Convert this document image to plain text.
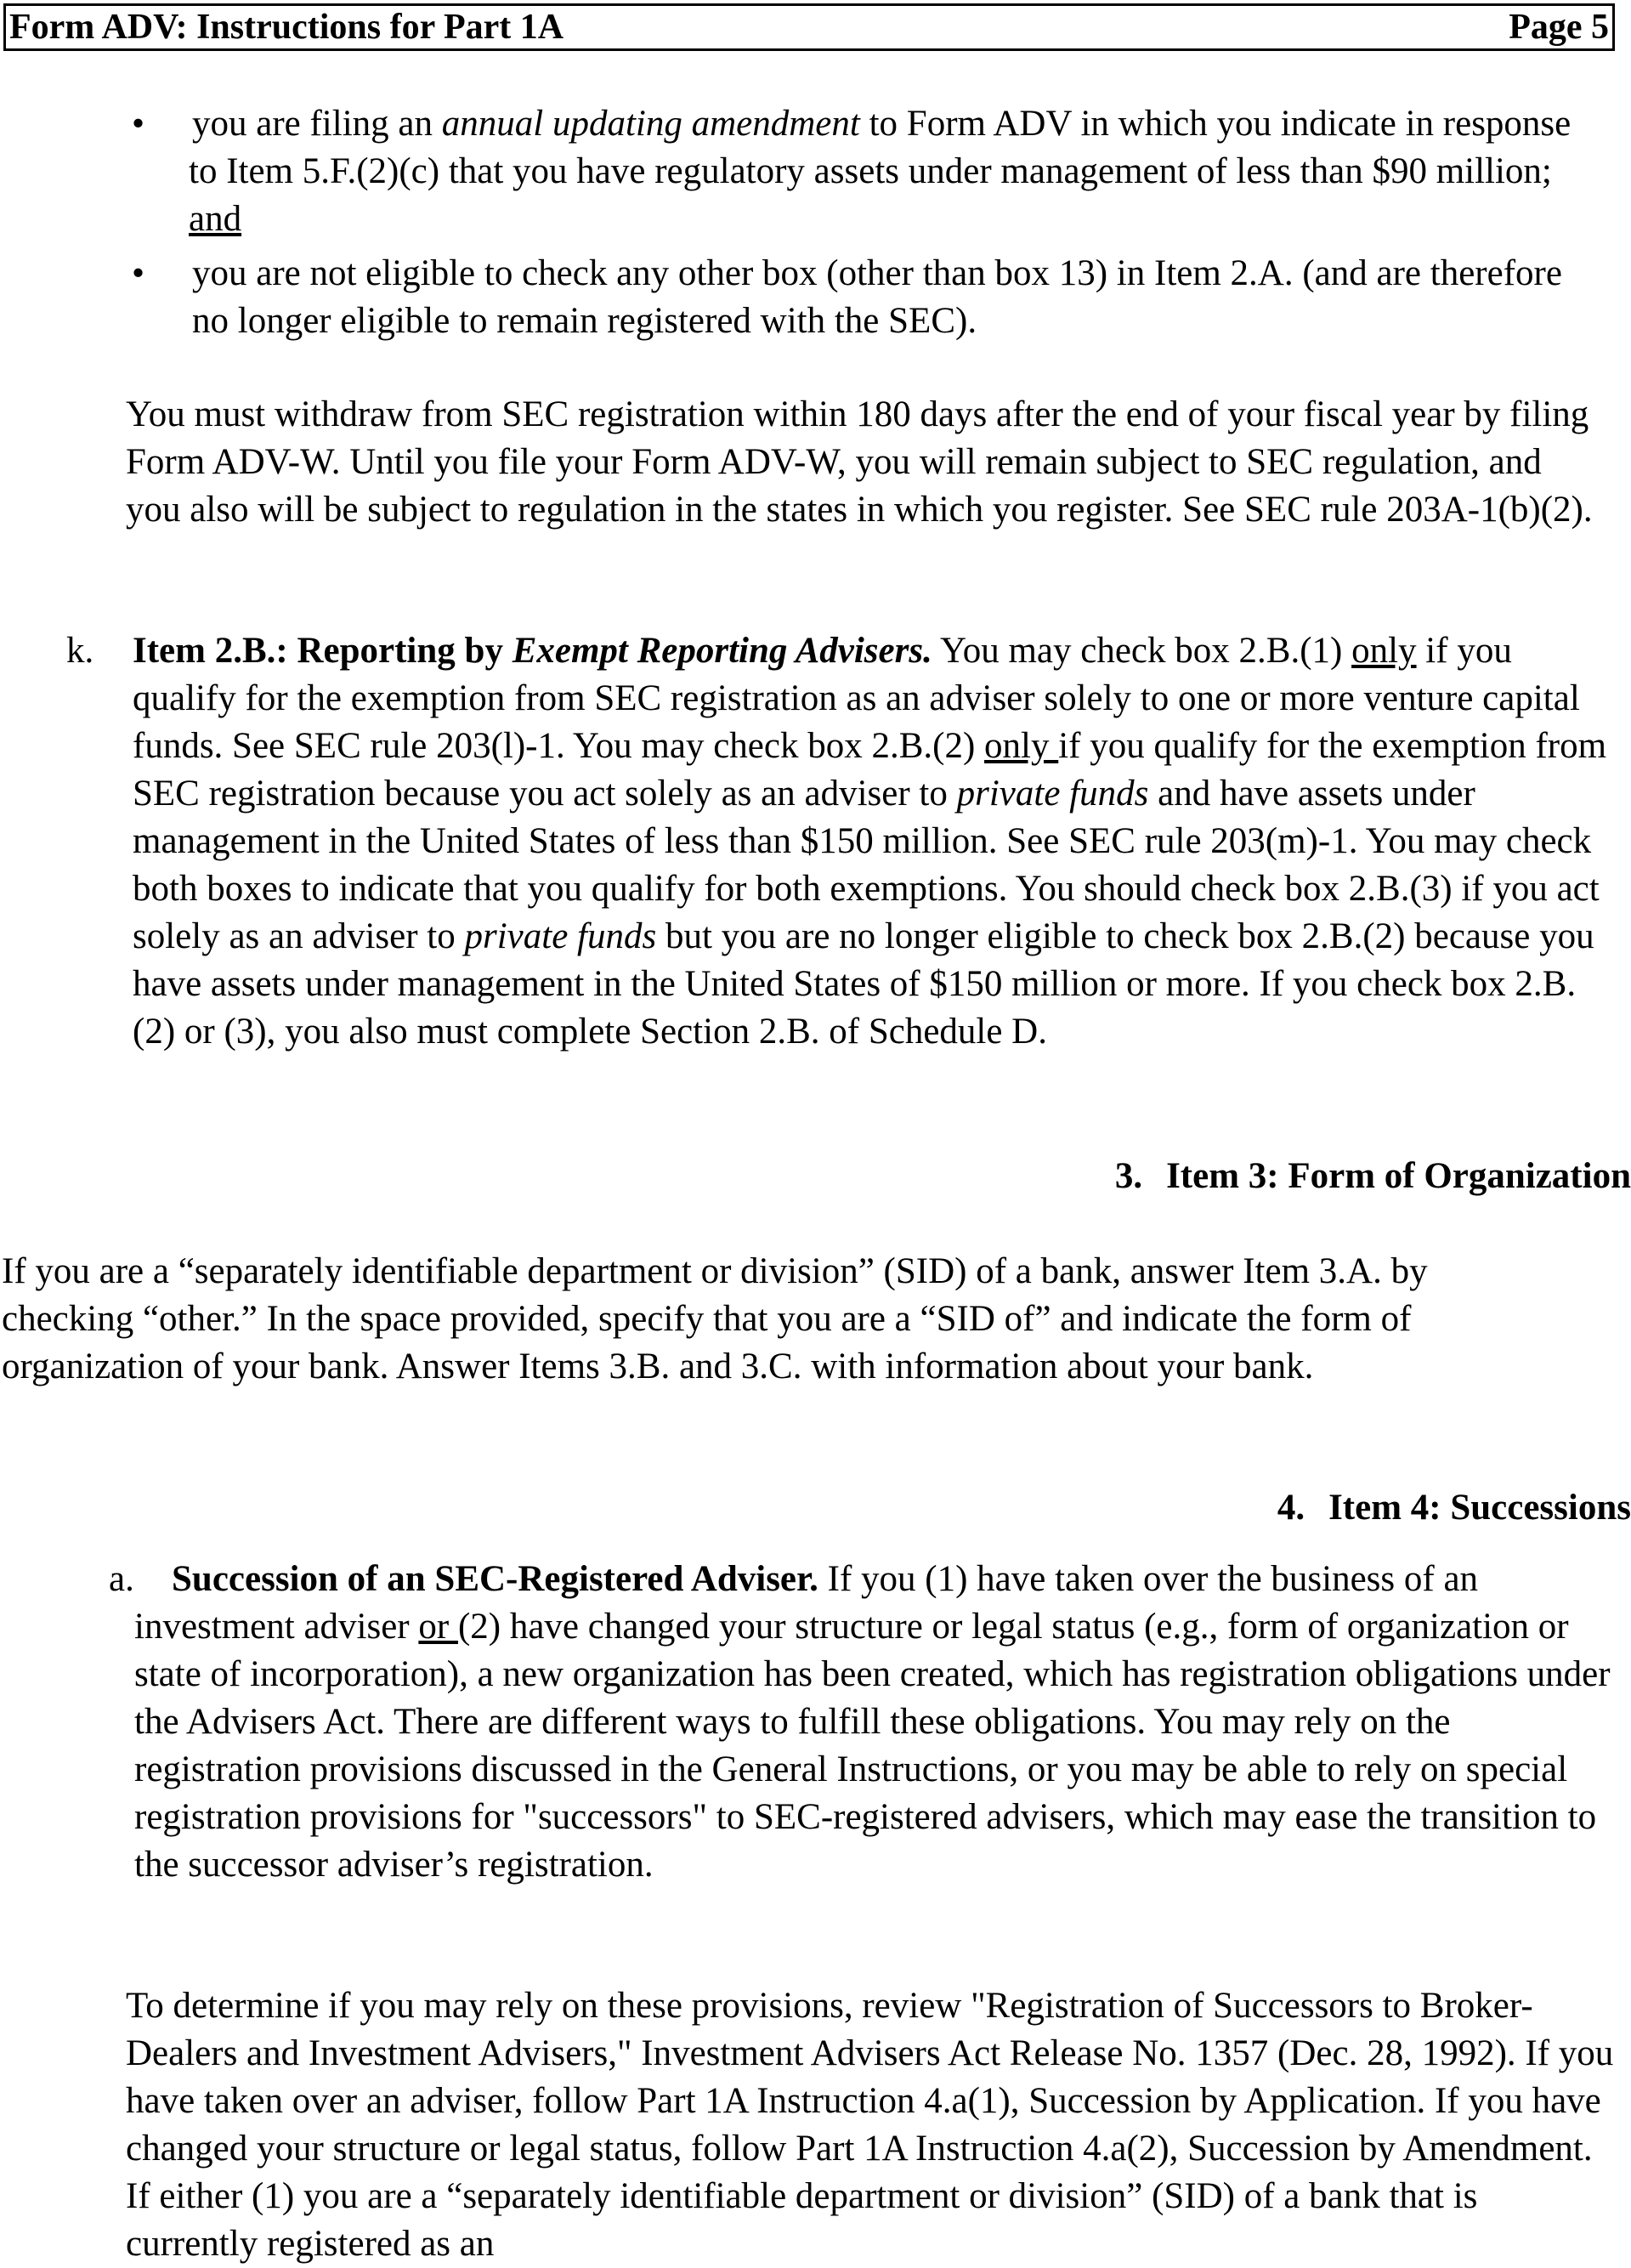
Form ADV: Instructions for Part 1A	Page 5
• you are filing an annual updating amendment to Form ADV in which you indicate in response to Item 5.F.(2)(c) that you have regulatory assets under management of less than $90 million; and
• you are not eligible to check any other box (other than box 13) in Item 2.A. (and are therefore no longer eligible to remain registered with the SEC).
You must withdraw from SEC registration within 180 days after the end of your fiscal year by filing Form ADV-W. Until you file your Form ADV-W, you will remain subject to SEC regulation, and you also will be subject to regulation in the states in which you register. See SEC rule 203A-1(b)(2).
k. Item 2.B.: Reporting by Exempt Reporting Advisers. You may check box 2.B.(1) only if you qualify for the exemption from SEC registration as an adviser solely to one or more venture capital funds. See SEC rule 203(l)-1. You may check box 2.B.(2) only if you qualify for the exemption from SEC registration because you act solely as an adviser to private funds and have assets under management in the United States of less than $150 million. See SEC rule 203(m)-1. You may check both boxes to indicate that you qualify for both exemptions. You should check box 2.B.(3) if you act solely as an adviser to private funds but you are no longer eligible to check box 2.B.(2) because you have assets under management in the United States of $150 million or more. If you check box 2.B.(2) or (3), you also must complete Section 2.B. of Schedule D.
3. Item 3: Form of Organization
If you are a “separately identifiable department or division” (SID) of a bank, answer Item 3.A. by checking “other.” In the space provided, specify that you are a “SID of” and indicate the form of organization of your bank. Answer Items 3.B. and 3.C. with information about your bank.
4. Item 4: Successions
a.	Succession of an SEC-Registered Adviser. If you (1) have taken over the business of an investment adviser or (2) have changed your structure or legal status (e.g., form of organization or state of incorporation), a new organization has been created, which has registration obligations under the Advisers Act. There are different ways to fulfill these obligations. You may rely on the registration provisions discussed in the General Instructions, or you may be able to rely on special registration provisions for "successors" to SEC-registered advisers, which may ease the transition to the successor adviser’s registration.
To determine if you may rely on these provisions, review "Registration of Successors to Broker-Dealers and Investment Advisers," Investment Advisers Act Release No. 1357 (Dec. 28, 1992). If you have taken over an adviser, follow Part 1A Instruction 4.a(1), Succession by Application. If you have changed your structure or legal status, follow Part 1A Instruction 4.a(2), Succession by Amendment. If either (1) you are a “separately identifiable department or division” (SID) of a bank that is currently registered as an
